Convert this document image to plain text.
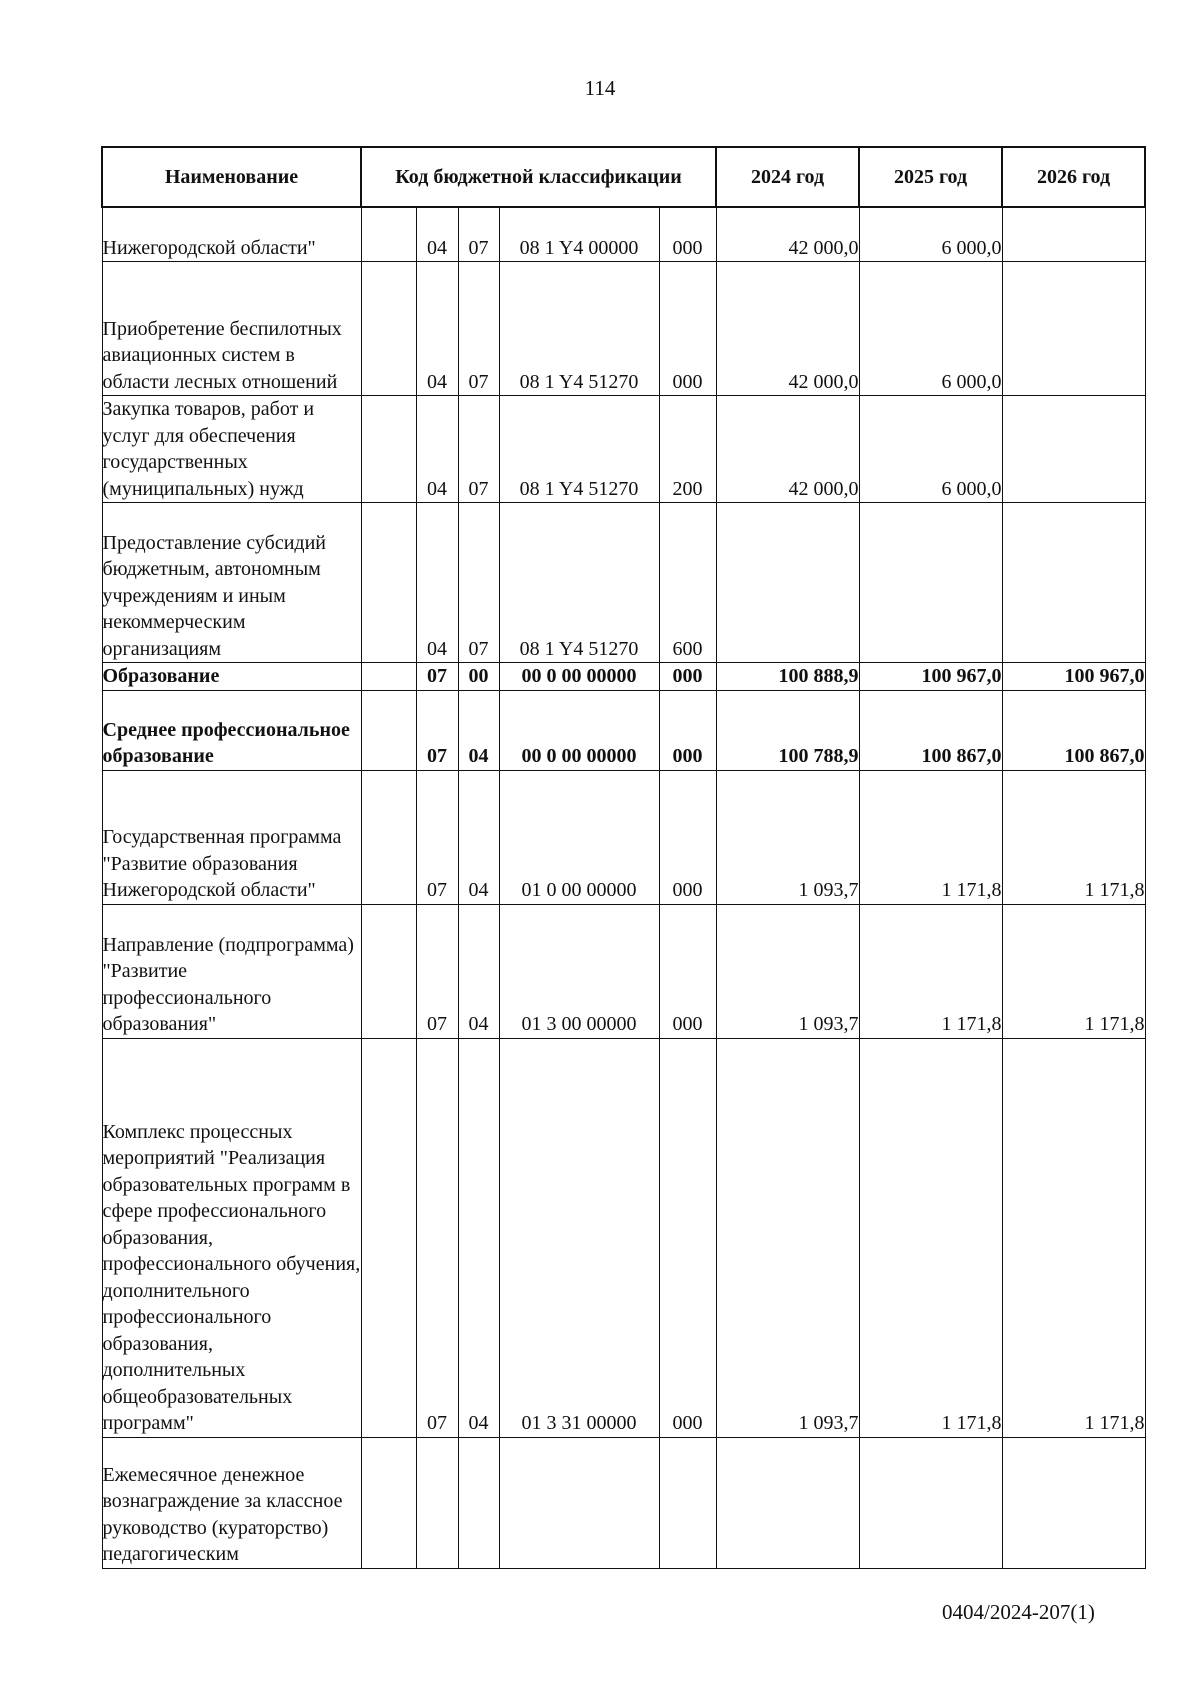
114
Наименование	Код бюджетной классификации					2024 год	2025 год	2026 год
Нижегородской области"		04	07	08 1 Y4 00000	000	42 000,0	6 000,0	
Приобретение беспилотных авиационных систем в области лесных отношений		04	07	08 1 Y4 51270	000	42 000,0	6 000,0	
Закупка товаров, работ и услуг для обеспечения государственных (муниципальных) нужд		04	07	08 1 Y4 51270	200	42 000,0	6 000,0	
Предоставление субсидий бюджетным, автономным учреждениям и иным некоммерческим организациям		04	07	08 1 Y4 51270	600			
Образование		07	00	00 0 00 00000	000	100 888,9	100 967,0	100 967,0
Среднее профессиональное образование		07	04	00 0 00 00000	000	100 788,9	100 867,0	100 867,0
Государственная программа "Развитие образования Нижегородской области"		07	04	01 0 00 00000	000	1 093,7	1 171,8	1 171,8
Направление (подпрограмма) "Развитие профессионального образования"		07	04	01 3 00 00000	000	1 093,7	1 171,8	1 171,8
Комплекс процессных мероприятий "Реализация образовательных программ в сфере профессионального образования, профессионального обучения, дополнительного профессионального образования, дополнительных общеобразовательных программ"		07	04	01 3 31 00000	000	1 093,7	1 171,8	1 171,8
Ежемесячное денежное вознаграждение за классное руководство (кураторство) педагогическим								
0404/2024-207(1)
